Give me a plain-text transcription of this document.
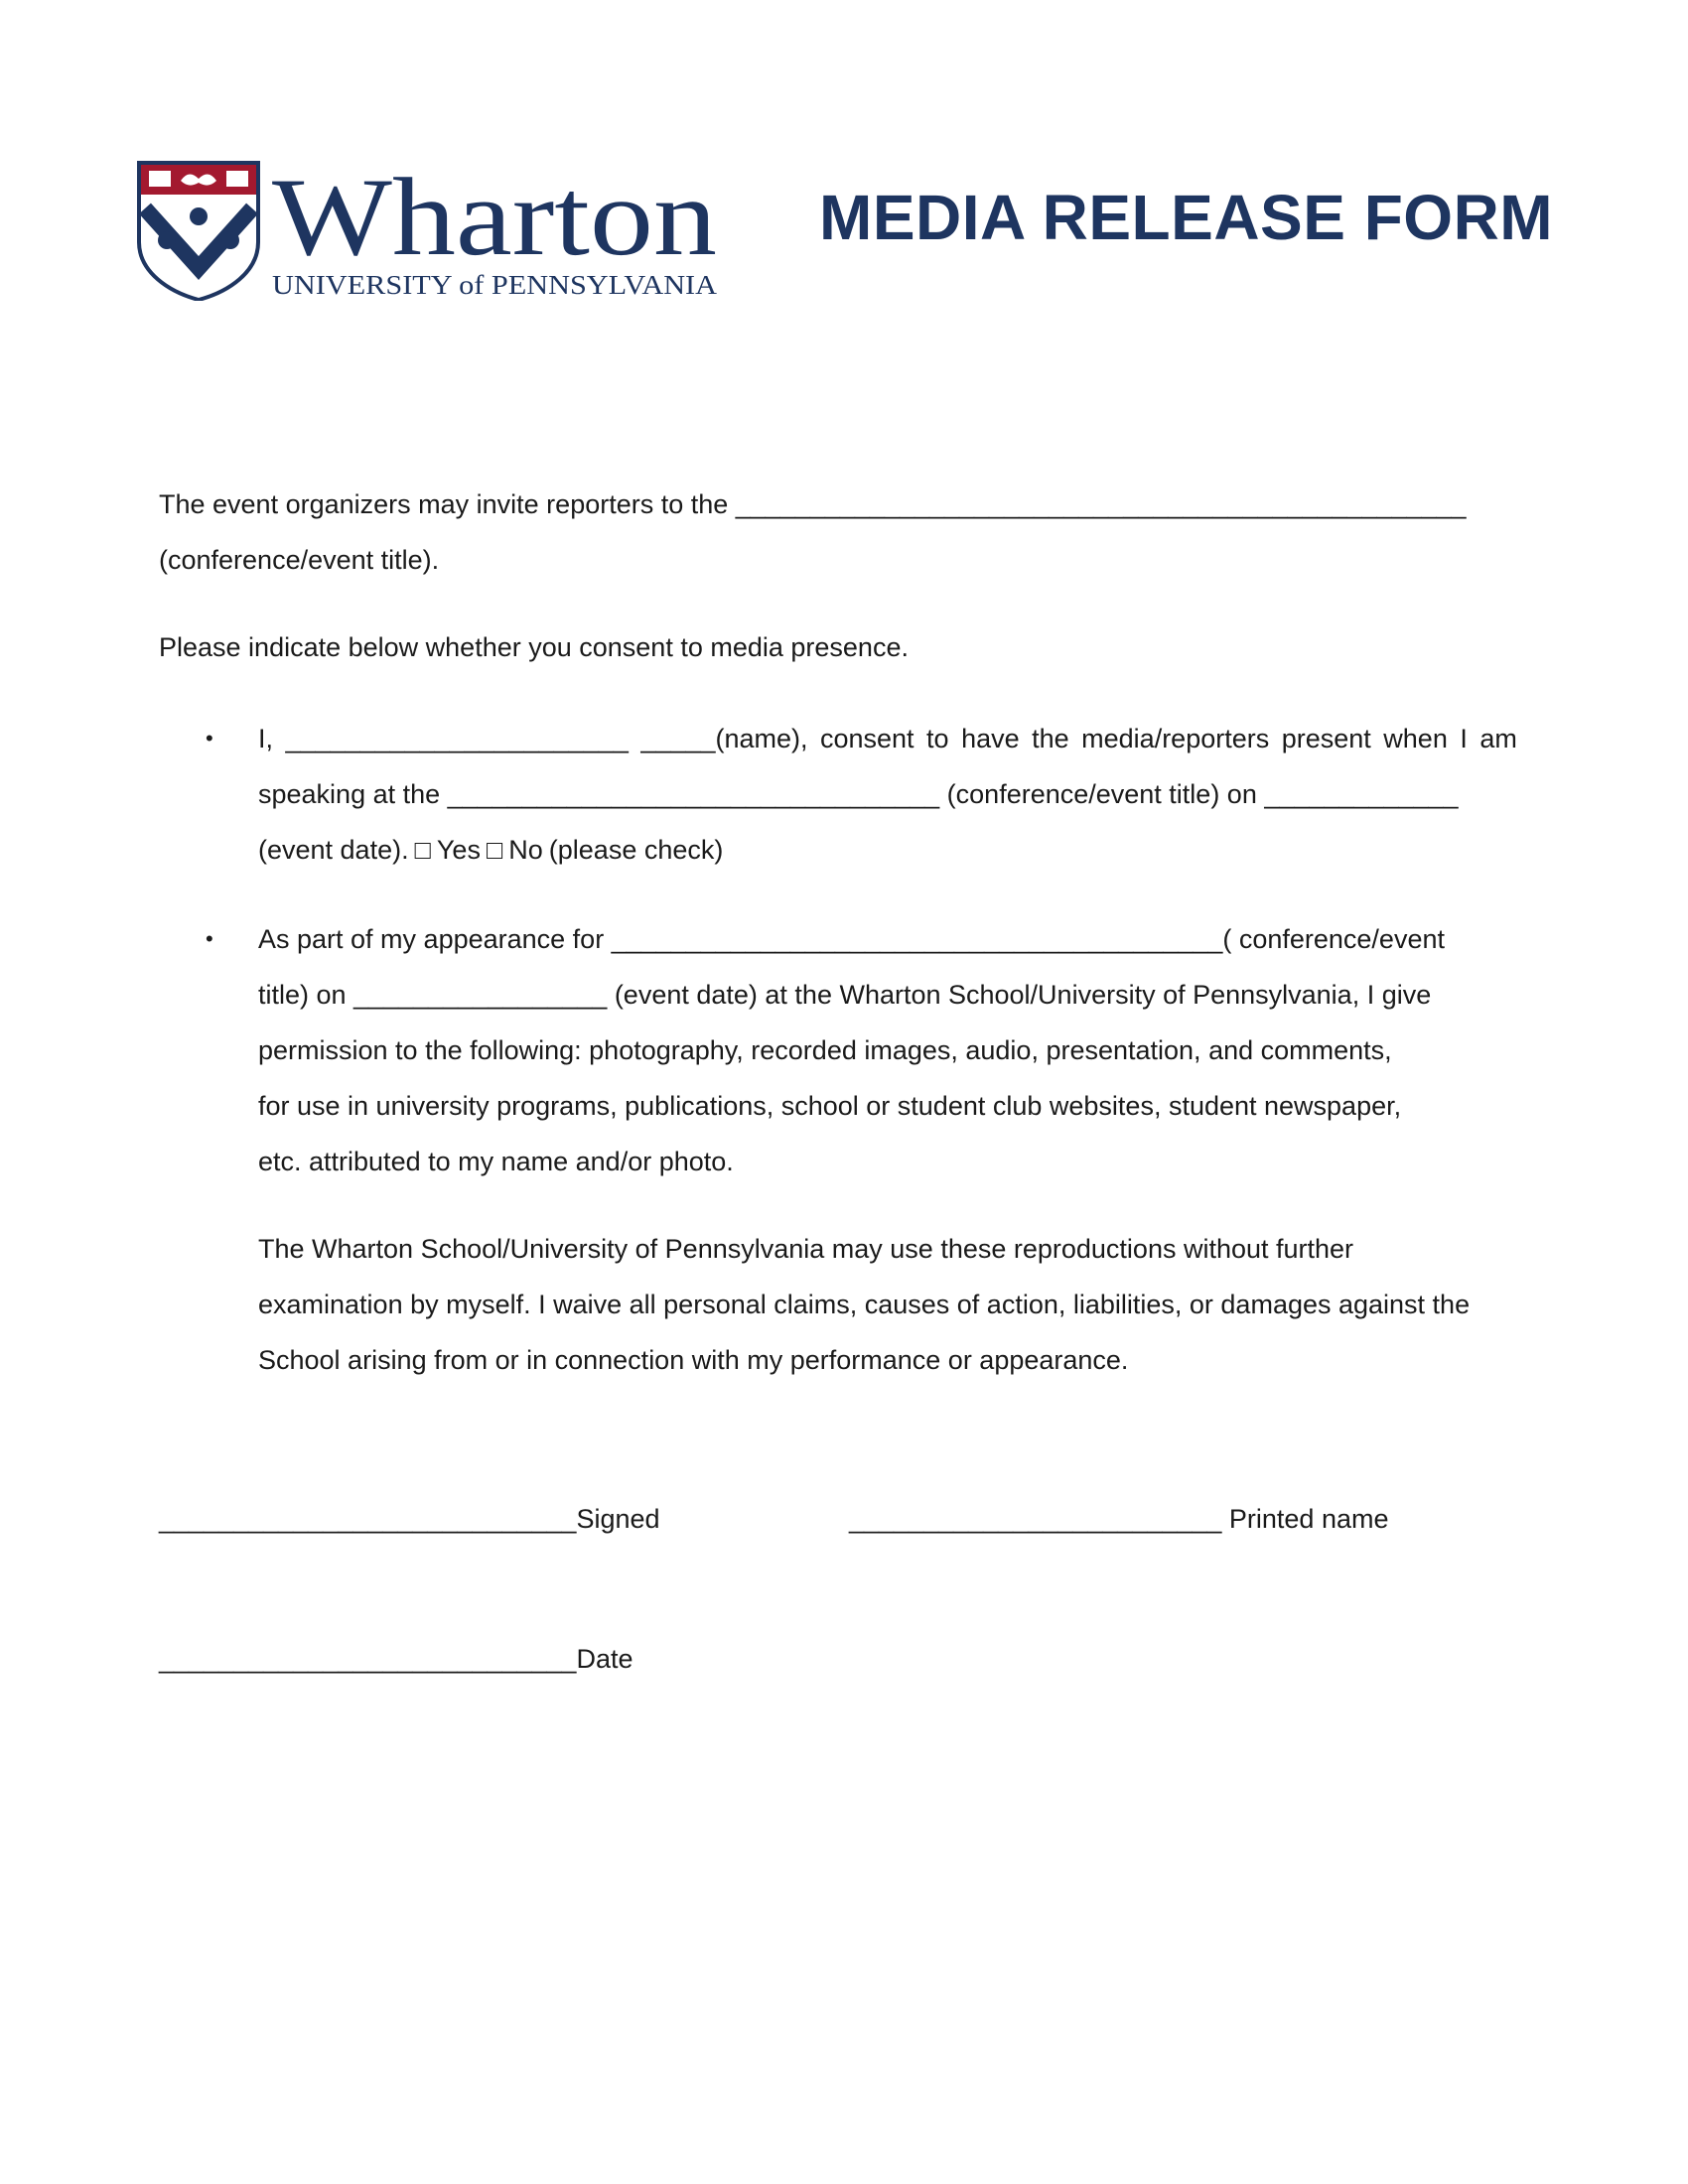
Wharton
UNIVERSITY of PENNSYLVANIA
MEDIA RELEASE FORM

The event organizers may invite reporters to the _________________________________________________

(conference/event title).

Please indicate below whether you consent to media presence.

• I, _______________________ _____(name), consent to have the media/reporters present when I am

speaking at the _________________________________ (conference/event title) on _____________

(event date). □ Yes □ No (please check)

• As part of my appearance for _________________________________________( conference/event

title) on _________________ (event date) at the Wharton School/University of Pennsylvania, I give

permission to the following: photography, recorded images, audio, presentation, and comments,

for use in university programs, publications, school or student club websites, student newspaper,

etc. attributed to my name and/or photo.

The Wharton School/University of Pennsylvania may use these reproductions without further

examination by myself. I waive all personal claims, causes of action, liabilities, or damages against the

School arising from or in connection with my performance or appearance.

____________________________Signed	_________________________ Printed name

____________________________Date
